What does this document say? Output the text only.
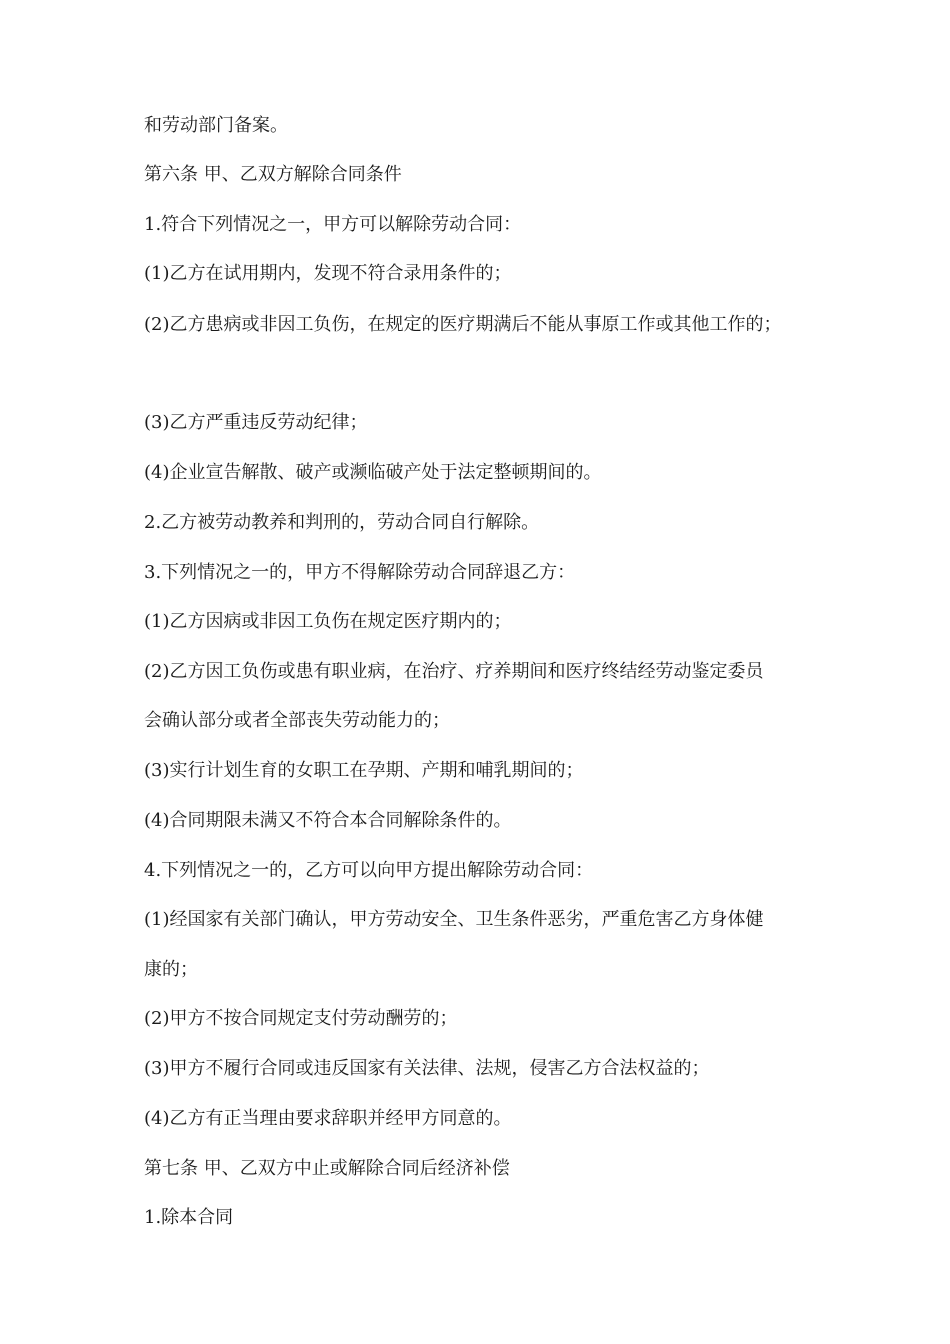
和劳动部门备案。
第六条 甲、乙双方解除合同条件
1.符合下列情况之一，甲方可以解除劳动合同：
(1)乙方在试用期内，发现不符合录用条件的；
(2)乙方患病或非因工负伤，在规定的医疗期满后不能从事原工作或其他工作的；
(3)乙方严重违反劳动纪律；
(4)企业宣告解散、破产或濒临破产处于法定整顿期间的。
2.乙方被劳动教养和判刑的，劳动合同自行解除。
3.下列情况之一的，甲方不得解除劳动合同辞退乙方：
(1)乙方因病或非因工负伤在规定医疗期内的；
(2)乙方因工负伤或患有职业病，在治疗、疗养期间和医疗终结经劳动鉴定委员
会确认部分或者全部丧失劳动能力的；
(3)实行计划生育的女职工在孕期、产期和哺乳期间的；
(4)合同期限未满又不符合本合同解除条件的。
4.下列情况之一的，乙方可以向甲方提出解除劳动合同：
(1)经国家有关部门确认，甲方劳动安全、卫生条件恶劣，严重危害乙方身体健
康的；
(2)甲方不按合同规定支付劳动酬劳的；
(3)甲方不履行合同或违反国家有关法律、法规，侵害乙方合法权益的；
(4)乙方有正当理由要求辞职并经甲方同意的。
第七条 甲、乙双方中止或解除合同后经济补偿
1.除本合同
